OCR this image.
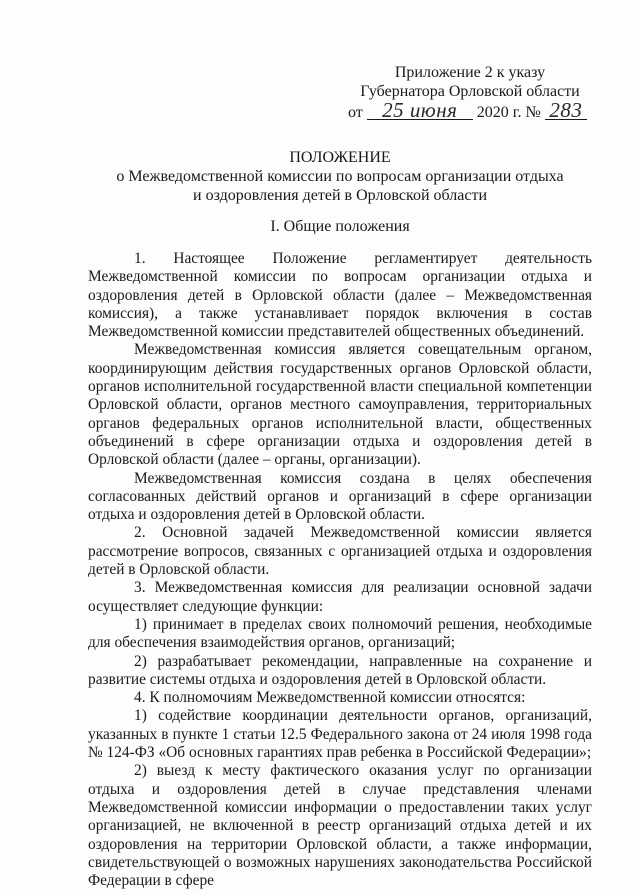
Приложение 2 к указу
Губернатора Орловской области
от 25 июня 2020 г. № 283
ПОЛОЖЕНИЕ
о Межведомственной комиссии по вопросам организации отдыха
и оздоровления детей в Орловской области
I. Общие положения

1. Настоящее Положение регламентирует деятельность Межведомственной комиссии по вопросам организации отдыха и оздоровления детей в Орловской области (далее – Межведомственная комиссия), а также устанавливает порядок включения в состав Межведомственной комиссии представителей общественных объединений.

Межведомственная комиссия является совещательным органом, координирующим действия государственных органов Орловской области, органов исполнительной государственной власти специальной компетенции Орловской области, органов местного самоуправления, территориальных органов федеральных органов исполнительной власти, общественных объединений в сфере организации отдыха и оздоровления детей в Орловской области (далее – органы, организации).

Межведомственная комиссия создана в целях обеспечения согласованных действий органов и организаций в сфере организации отдыха и оздоровления детей в Орловской области.

2. Основной задачей Межведомственной комиссии является рассмотрение вопросов, связанных с организацией отдыха и оздоровления детей в Орловской области.

3. Межведомственная комиссия для реализации основной задачи осуществляет следующие функции:

1) принимает в пределах своих полномочий решения, необходимые для обеспечения взаимодействия органов, организаций;

2) разрабатывает рекомендации, направленные на сохранение и развитие системы отдыха и оздоровления детей в Орловской области.

4. К полномочиям Межведомственной комиссии относятся:

1) содействие координации деятельности органов, организаций, указанных в пункте 1 статьи 12.5 Федерального закона от 24 июля 1998 года № 124-ФЗ «Об основных гарантиях прав ребенка в Российской Федерации»;

2) выезд к месту фактического оказания услуг по организации отдыха и оздоровления детей в случае представления членами Межведомственной комиссии информации о предоставлении таких услуг организацией, не включенной в реестр организаций отдыха детей и их оздоровления на территории Орловской области, а также информации, свидетельствующей о возможных нарушениях законодательства Российской Федерации в сфере
